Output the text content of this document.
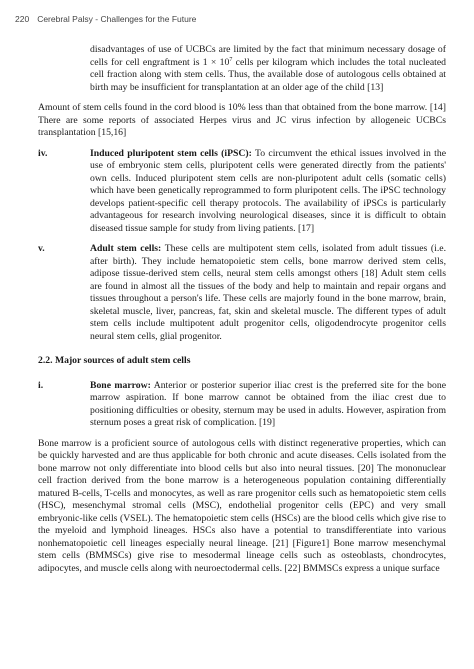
220 Cerebral Palsy - Challenges for the Future

disadvantages of use of UCBCs are limited by the fact that minimum necessary dosage of cells for cell engraftment is $1 \times 10^7$ cells per kilogram which includes the total nucleated cell fraction along with stem cells. Thus, the available dose of autologous cells obtained at birth may be insufficient for transplantation at an older age of the child [13]

Amount of stem cells found in the cord blood is 10% less than that obtained from the bone marrow. [14] There are some reports of associated Herpes virus and JC virus infection by allogeneic UCBCs transplantation [15,16]

iv.	Induced pluripotent stem cells (iPSC): To circumvent the ethical issues involved in the use of embryonic stem cells, pluripotent cells were generated directly from the patients' own cells. Induced pluripotent stem cells are non-pluripotent adult cells (somatic cells) which have been genetically reprogrammed to form pluripotent cells. The iPSC technology develops patient-specific cell therapy protocols. The availability of iPSCs is particularly advantageous for research involving neurological diseases, since it is difficult to obtain diseased tissue sample for study from living patients. [17]

v.	Adult stem cells: These cells are multipotent stem cells, isolated from adult tissues (i.e. after birth). They include hematopoietic stem cells, bone marrow derived stem cells, adipose tissue-derived stem cells, neural stem cells amongst others [18] Adult stem cells are found in almost all the tissues of the body and help to maintain and repair organs and tissues throughout a person's life. These cells are majorly found in the bone marrow, brain, skeletal muscle, liver, pancreas, fat, skin and skeletal muscle. The different types of adult stem cells include multipotent adult progenitor cells, oligodendrocyte progenitor cells neural stem cells, glial progenitor.

2.2. Major sources of adult stem cells
i.	Bone marrow: Anterior or posterior superior iliac crest is the preferred site for the bone marrow aspiration. If bone marrow cannot be obtained from the iliac crest due to positioning difficulties or obesity, sternum may be used in adults. However, aspiration from sternum poses a great risk of complication. [19]

Bone marrow is a proficient source of autologous cells with distinct regenerative properties, which can be quickly harvested and are thus applicable for both chronic and acute diseases. Cells isolated from the bone marrow not only differentiate into blood cells but also into neural tissues. [20] The mononuclear cell fraction derived from the bone marrow is a heterogeneous population containing differentially matured B-cells, T-cells and monocytes, as well as rare progenitor cells such as hematopoietic stem cells (HSC), mesenchymal stromal cells (MSC), endothelial progenitor cells (EPC) and very small embryonic-like cells (VSEL). The hematopoietic stem cells (HSCs) are the blood cells which give rise to the myeloid and lymphoid lineages. HSCs also have a potential to transdifferentiate into various nonhematopoietic cell lineages especially neural lineage. [21] [Figure1] Bone marrow mesenchymal stem cells (BMMSCs) give rise to mesodermal lineage cells such as osteoblasts, chondrocytes, adipocytes, and muscle cells along with neuroectodermal cells. [22] BMMSCs express a unique surface
